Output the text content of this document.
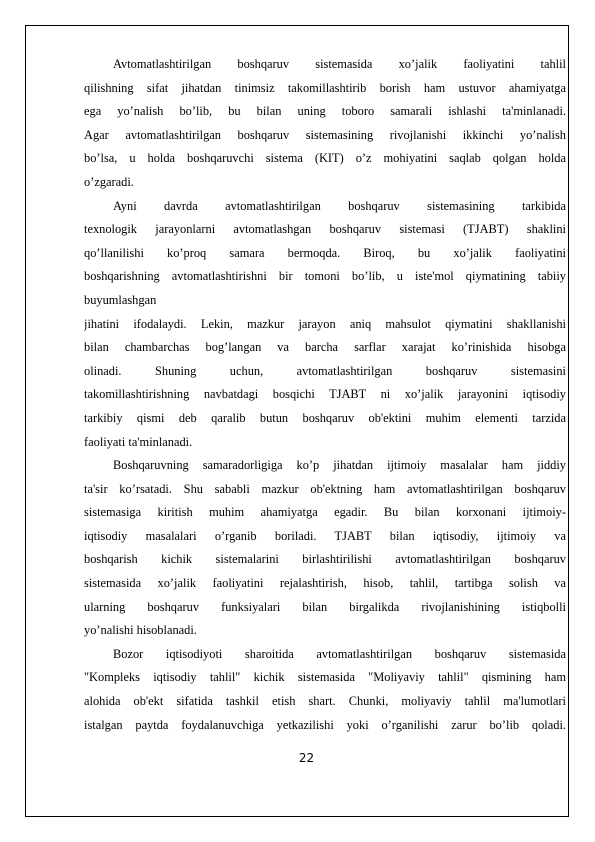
Avtomatlashtirilgan boshqaruv sistemasida xo’jalik faoliyatini tahlil
qilishning sifat jihatdan tinimsiz takomillashtirib borish ham ustuvor ahamiyatga
ega yo’nalish bo’lib, bu bilan uning toboro samarali ishlashi ta'minlanadi.
Agar avtomatlashtirilgan boshqaruv sistemasining rivojlanishi ikkinchi yo’nalish
bo’lsa, u holda boshqaruvchi sistema (KIT) o’z mohiyatini saqlab qolgan holda
o’zgaradi.
Ayni davrda avtomatlashtirilgan boshqaruv sistemasining tarkibida
texnologik jarayonlarni avtomatlashgan boshqaruv sistemasi (TJABT) shaklini
qo’llanilishi ko’proq samara bermoqda. Biroq, bu xo’jalik faoliyatini
boshqarishning avtomatlashtirishni bir tomoni bo’lib, u iste'mol qiymatining tabiiy
buyumlashgan
jihatini ifodalaydi. Lekin, mazkur jarayon aniq mahsulot qiymatini shakllanishi
bilan chambarchas bog’langan va barcha sarflar xarajat ko’rinishida hisobga
olinadi. Shuning uchun, avtomatlashtirilgan boshqaruv sistemasini
takomillashtirishning navbatdagi bosqichi TJABT ni xo’jalik jarayonini iqtisodiy
tarkibiy qismi deb qaralib butun boshqaruv ob'ektini muhim elementi tarzida
faoliyati ta'minlanadi.
Boshqaruvning samaradorligiga ko’p jihatdan ijtimoiy masalalar ham jiddiy
ta'sir ko’rsatadi. Shu sababli mazkur ob'ektning ham avtomatlashtirilgan boshqaruv
sistemasiga kiritish muhim ahamiyatga egadir. Bu bilan korxonani ijtimoiy-
iqtisodiy masalalari o’rganib boriladi. TJABT bilan iqtisodiy, ijtimoiy va
boshqarish kichik sistemalarini birlashtirilishi avtomatlashtirilgan boshqaruv
sistemasida xo’jalik faoliyatini rejalashtirish, hisob, tahlil, tartibga solish va
ularning boshqaruv funksiyalari bilan birgalikda rivojlanishining istiqbolli
yo’nalishi hisoblanadi.
Bozor iqtisodiyoti sharoitida avtomatlashtirilgan boshqaruv sistemasida
"Kompleks iqtisodiy tahlil" kichik sistemasida "Moliyaviy tahlil" qismining ham
alohida ob'ekt sifatida tashkil etish shart. Chunki, moliyaviy tahlil ma'lumotlari
istalgan paytda foydalanuvchiga yetkazilishi yoki o’rganilishi zarur bo’lib qoladi.
22
